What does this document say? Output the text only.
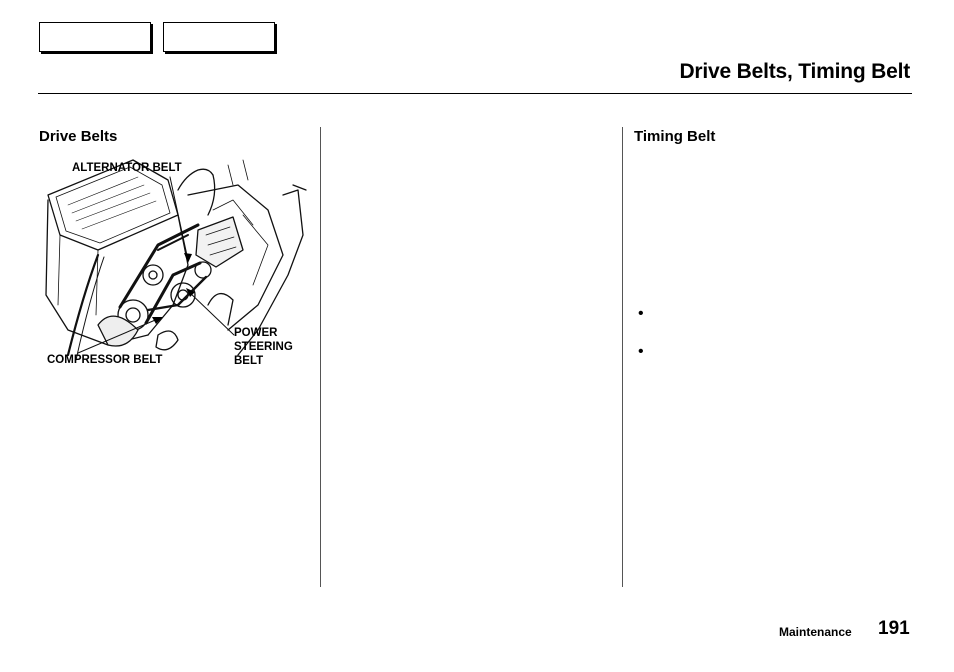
Drive Belts, Timing Belt
Drive Belts
ALTERNATOR BELT
POWER
STEERING
BELT
COMPRESSOR BELT
Timing Belt
•
•
Maintenance 191
